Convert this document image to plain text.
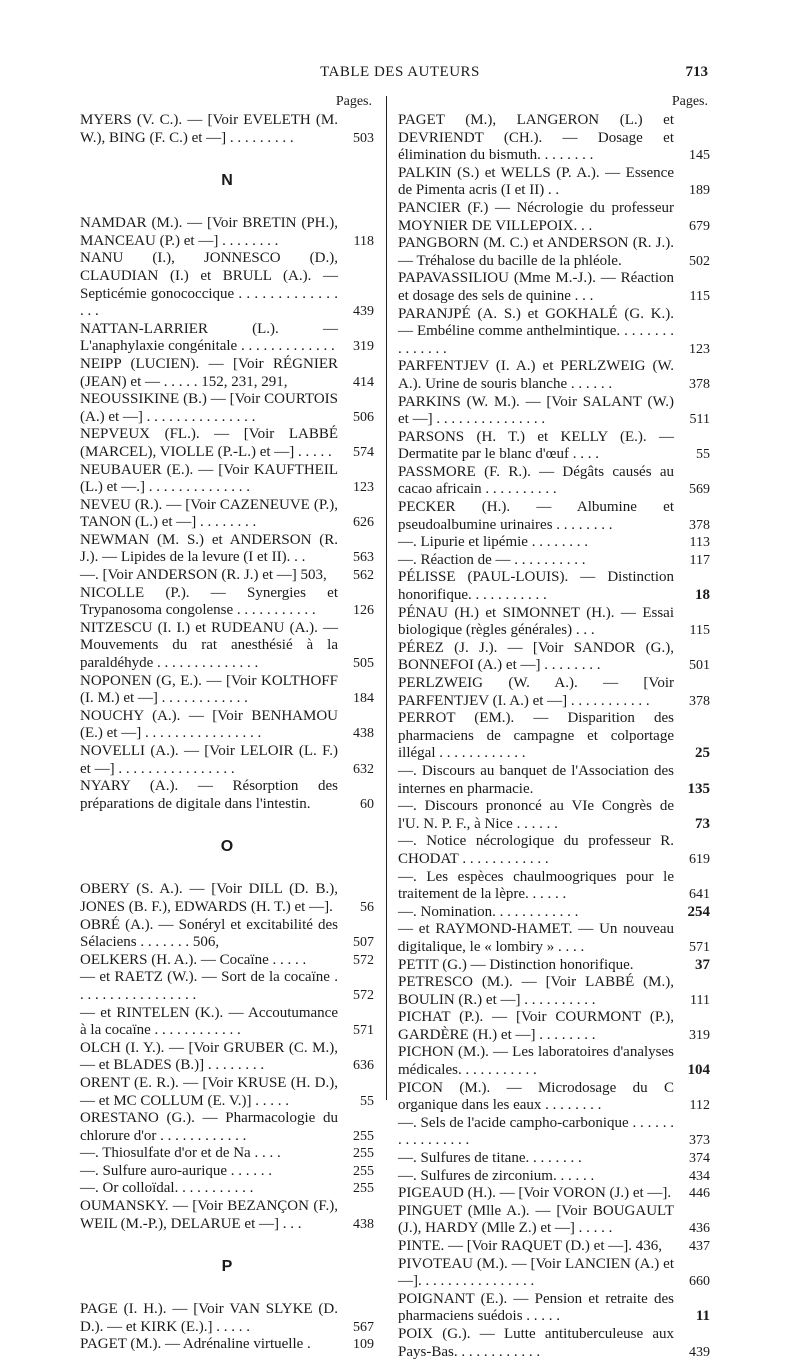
TABLE DES AUTEURS	713
Pages.
MYERS (V. C.). — [Voir EVELETH (M. W.), BING (F. C.) et —] . . . . . . . . .	503
N
NAMDAR (M.). — [Voir BRETIN (PH.), MANCEAU (P.) et —] . . . . . . . .	118
NANU (I.), JONNESCO (D.), CLAUDIAN (I.) et BRULL (A.). — Septicémie gonococcique . . . . . . . . . . . . . . . .	439
NATTAN-LARRIER (L.). — L'anaphylaxie congénitale . . . . . . . . . . . . . 319
NEIPP (LUCIEN). — [Voir RÉGNIER (JEAN) et — . . . . . 152, 231, 291,	414
NEOUSSIKINE (B.) — [Voir COURTOIS (A.) et —] . . . . . . . . . . . . . . .	506
NEPVEUX (FL.). — [Voir LABBÉ (MARCEL), VIOLLE (P.-L.) et —] . . . . . 574
NEUBAUER (E.). — [Voir KAUFTHEIL (L.) et —.] . . . . . . . . . . . . . .	123
NEVEU (R.). — [Voir CAZENEUVE (P.), TANON (L.) et —] . . . . . . . .	626
NEWMAN (M. S.) et ANDERSON (R. J.). — Lipides de la levure (I et II). . .	563
—. [Voir ANDERSON (R. J.) et —] 503, 562
NICOLLE (P.). — Synergies et Trypanosoma congolense . . . . . . . . . . .	126
NITZESCU (I. I.) et RUDEANU (A.). — Mouvements du rat anesthésié à la paraldéhyde . . . . . . . . . . . . . .	505
NOPONEN (G, E.). — [Voir KOLTHOFF (I. M.) et —] . . . . . . . . . . . .	184
NOUCHY (A.). — [Voir BENHAMOU (E.) et —] . . . . . . . . . . . . . . . .	438
NOVELLI (A.). — [Voir LELOIR (L. F.) et —] . . . . . . . . . . . . . . . .	632
NYARY (A.). — Résorption des préparations de digitale dans l'intestin.	60
O
OBERY (S. A.). — [Voir DILL (D. B.), JONES (B. F.), EDWARDS (H. T.) et —]. 56
OBRÉ (A.). — Sonéryl et excitabilité des Sélaciens . . . . . . . 506,	507
OELKERS (H. A.). — Cocaïne . . . . .	572
— et RAETZ (W.). — Sort de la cocaïne . . . . . . . . . . . . . . . . .	572
— et RINTELEN (K.). — Accoutumance à la cocaïne . . . . . . . . . . . .	571
OLCH (I. Y.). — [Voir GRUBER (C. M.), — et BLADES (B.)] . . . . . . . .	636
ORENT (E. R.). — [Voir KRUSE (H. D.), — et MC COLLUM (E. V.)] . . . . .	55
ORESTANO (G.). — Pharmacologie du chlorure d'or . . . . . . . . . . . .	255
—. Thiosulfate d'or et de Na . . . .	255
—. Sulfure auro-aurique . . . . . .	255
—. Or colloïdal. . . . . . . . . . .	255
OUMANSKY. — [Voir BEZANÇON (F.), WEIL (M.-P.), DELARUE et —] . . .	438
P
PAGE (I. H.). — [Voir VAN SLYKE (D. D.). — et KIRK (E.).] . . . . .	567
PAGET (M.). — Adrénaline virtuelle .	109
Pages.
PAGET (M.), LANGERON (L.) et DEVRIENDT (CH.). — Dosage et élimination du bismuth. . . . . . . .	145
PALKIN (S.) et WELLS (P. A.). — Essence de Pimenta acris (I et II) . .	189
PANCIER (F.) — Nécrologie du professeur MOYNIER DE VILLEPOIX. . .	679
PANGBORN (M. C.) et ANDERSON (R. J.). — Tréhalose du bacille de la phléole.	502
PAPAVASSILIOU (Mme M.-J.). — Réaction et dosage des sels de quinine . . .	115
PARANJPÉ (A. S.) et GOKHALÉ (G. K.). — Embéline comme anthelmintique. . . . . . . . . . . . . . .	123
PARFENTJEV (I. A.) et PERLZWEIG (W. A.). Urine de souris blanche . . . . . .	378
PARKINS (W. M.). — [Voir SALANT (W.) et —] . . . . . . . . . . . . . . .	511
PARSONS (H. T.) et KELLY (E.). — Dermatite par le blanc d'œuf . . . .	55
PASSMORE (F. R.). — Dégâts causés au cacao africain . . . . . . . . . .	569
PECKER (H.). — Albumine et pseudoalbumine urinaires . . . . . . . .	378
—. Lipurie et lipémie . . . . . . . .	113
—. Réaction de — . . . . . . . . . .	117
PÉLISSE (PAUL-LOUIS). — Distinction honorifique. . . . . . . . . . .	18
PÉNAU (H.) et SIMONNET (H.). — Essai biologique (règles générales) . . .	115
PÉREZ (J. J.). — [Voir SANDOR (G.), BONNEFOI (A.) et —] . . . . . . . .	501
PERLZWEIG (W. A.). — [Voir PARFENTJEV (I. A.) et —] . . . . . . . . . . .	378
PERROT (EM.). — Disparition des pharmaciens de campagne et colportage illégal . . . . . . . . . . . .	25
—. Discours au banquet de l'Association des internes en pharmacie.	135
—. Discours prononcé au VIe Congrès de l'U. N. P. F., à Nice . . . . . .	73
—. Notice nécrologique du professeur R. CHODAT . . . . . . . . . . . .	619
—. Les espèces chaulmoogriques pour le traitement de la lèpre. . . . . .	641
—. Nomination. . . . . . . . . . . .	254
— et RAYMOND-HAMET. — Un nouveau digitalique, le « lombiry » . . . .	571
PETIT (G.) — Distinction honorifique.	37
PETRESCO (M.). — [Voir LABBÉ (M.), BOULIN (R.) et —] . . . . . . . . . .	111
PICHAT (P.). — [Voir COURMONT (P.), GARDÈRE (H.) et —] . . . . . . . .	319
PICHON (M.). — Les laboratoires d'analyses médicales. . . . . . . . . . .	104
PICON (M.). — Microdosage du C organique dans les eaux . . . . . . . .	112
—. Sels de l'acide campho-carbonique . . . . . . . . . . . . . . . .	373
—. Sulfures de titane. . . . . . . .	374
—. Sulfures de zirconium. . . . . .	434
PIGEAUD (H.). — [Voir VORON (J.) et —]. 446
PINGUET (Mlle A.). — [Voir BOUGAULT (J.), HARDY (Mlle Z.) et —] . . . . .	436
PINTE. — [Voir RAQUET (D.) et —]. 436, 437
PIVOTEAU (M.). — [Voir LANCIEN (A.) et —]. . . . . . . . . . . . . . . .	660
POIGNANT (E.). — Pension et retraite des pharmaciens suédois . . . . .	11
POIX (G.). — Lutte antituberculeuse aux Pays-Bas. . . . . . . . . . . .	439
